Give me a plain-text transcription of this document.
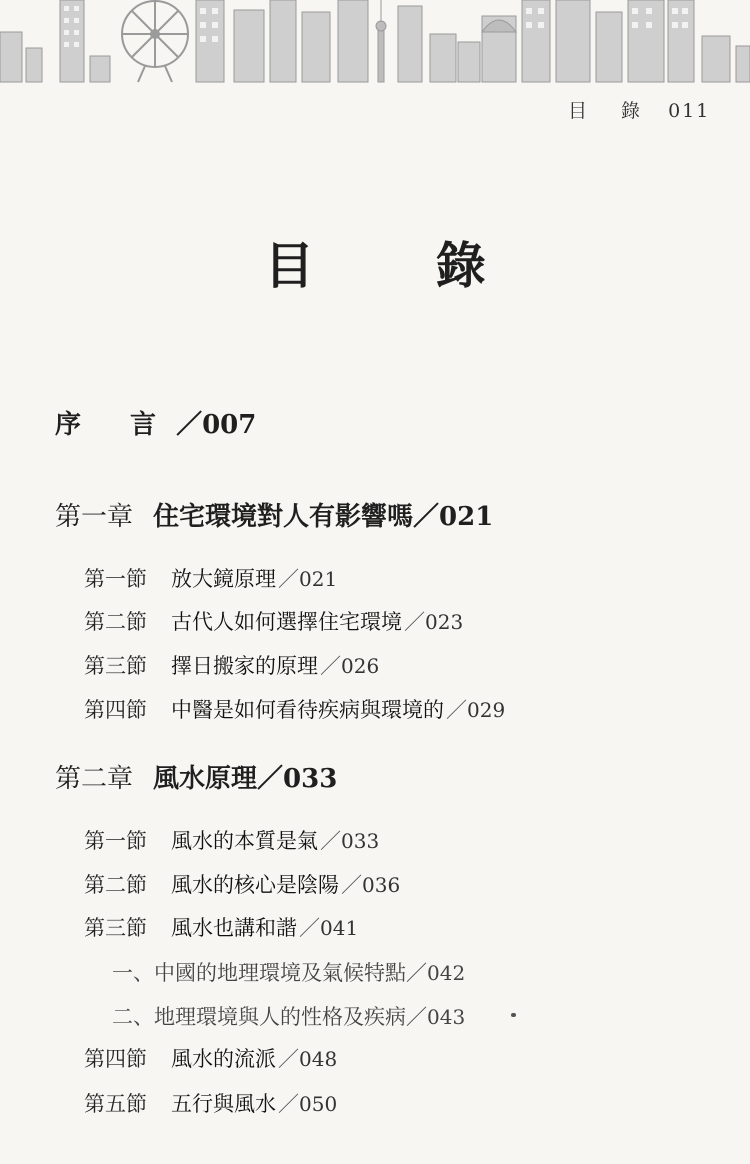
目 錄 011
目 錄
序 言／007
第一章 住宅環境對人有影響嗎／021
第一節 放大鏡原理／021
第二節 古代人如何選擇住宅環境／023
第三節 擇日搬家的原理／026
第四節 中醫是如何看待疾病與環境的／029
第二章 風水原理／033
第一節 風水的本質是氣／033
第二節 風水的核心是陰陽／036
第三節 風水也講和諧／041
一、中國的地理環境及氣候特點／042
二、地理環境與人的性格及疾病／043
第四節 風水的流派／048
第五節 五行與風水／050
